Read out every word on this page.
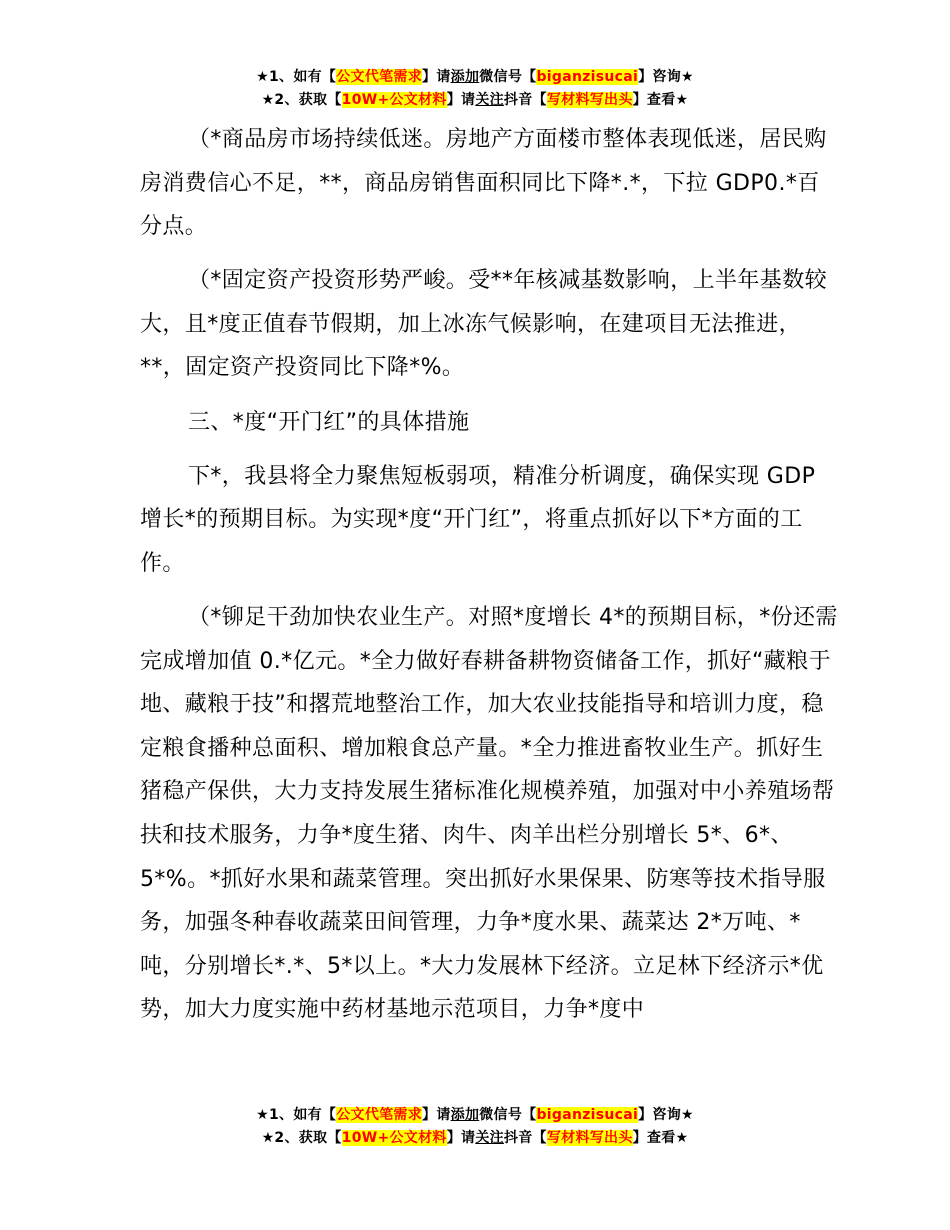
★1、如有【公文代笔需求】请添加微信号【biganzisucai】咨询★
★2、获取【10W+公文材料】请关注抖音【写材料写出头】查看★

（*商品房市场持续低迷。房地产方面楼市整体表现低迷，居民购房消费信心不足，**，商品房销售面积同比下降*.*，下拉 GDP0.*百分点。

（*固定资产投资形势严峻。受**年核减基数影响，上半年基数较大，且*度正值春节假期，加上冰冻气候影响，在建项目无法推进，**，固定资产投资同比下降*%。

三、*度“开门红”的具体措施

下*，我县将全力聚焦短板弱项，精准分析调度，确保实现 GDP 增长*的预期目标。为实现*度“开门红”，将重点抓好以下*方面的工作。

（*铆足干劲加快农业生产。对照*度增长 4*的预期目标，*份还需完成增加值 0.*亿元。*全力做好春耕备耕物资储备工作，抓好“藏粮于地、藏粮于技”和撂荒地整治工作，加大农业技能指导和培训力度，稳定粮食播种总面积、增加粮食总产量。*全力推进畜牧业生产。抓好生猪稳产保供，大力支持发展生猪标准化规模养殖，加强对中小养殖场帮扶和技术服务，力争*度生猪、肉牛、肉羊出栏分别增长 5*、6*、5*%。*抓好水果和蔬菜管理。突出抓好水果保果、防寒等技术指导服务，加强冬种春收蔬菜田间管理，力争*度水果、蔬菜达 2*万吨、*吨，分别增长*.*、5*以上。*大力发展林下经济。立足林下经济示*优势，加大力度实施中药材基地示范项目，力争*度中

★1、如有【公文代笔需求】请添加微信号【biganzisucai】咨询★
★2、获取【10W+公文材料】请关注抖音【写材料写出头】查看★
